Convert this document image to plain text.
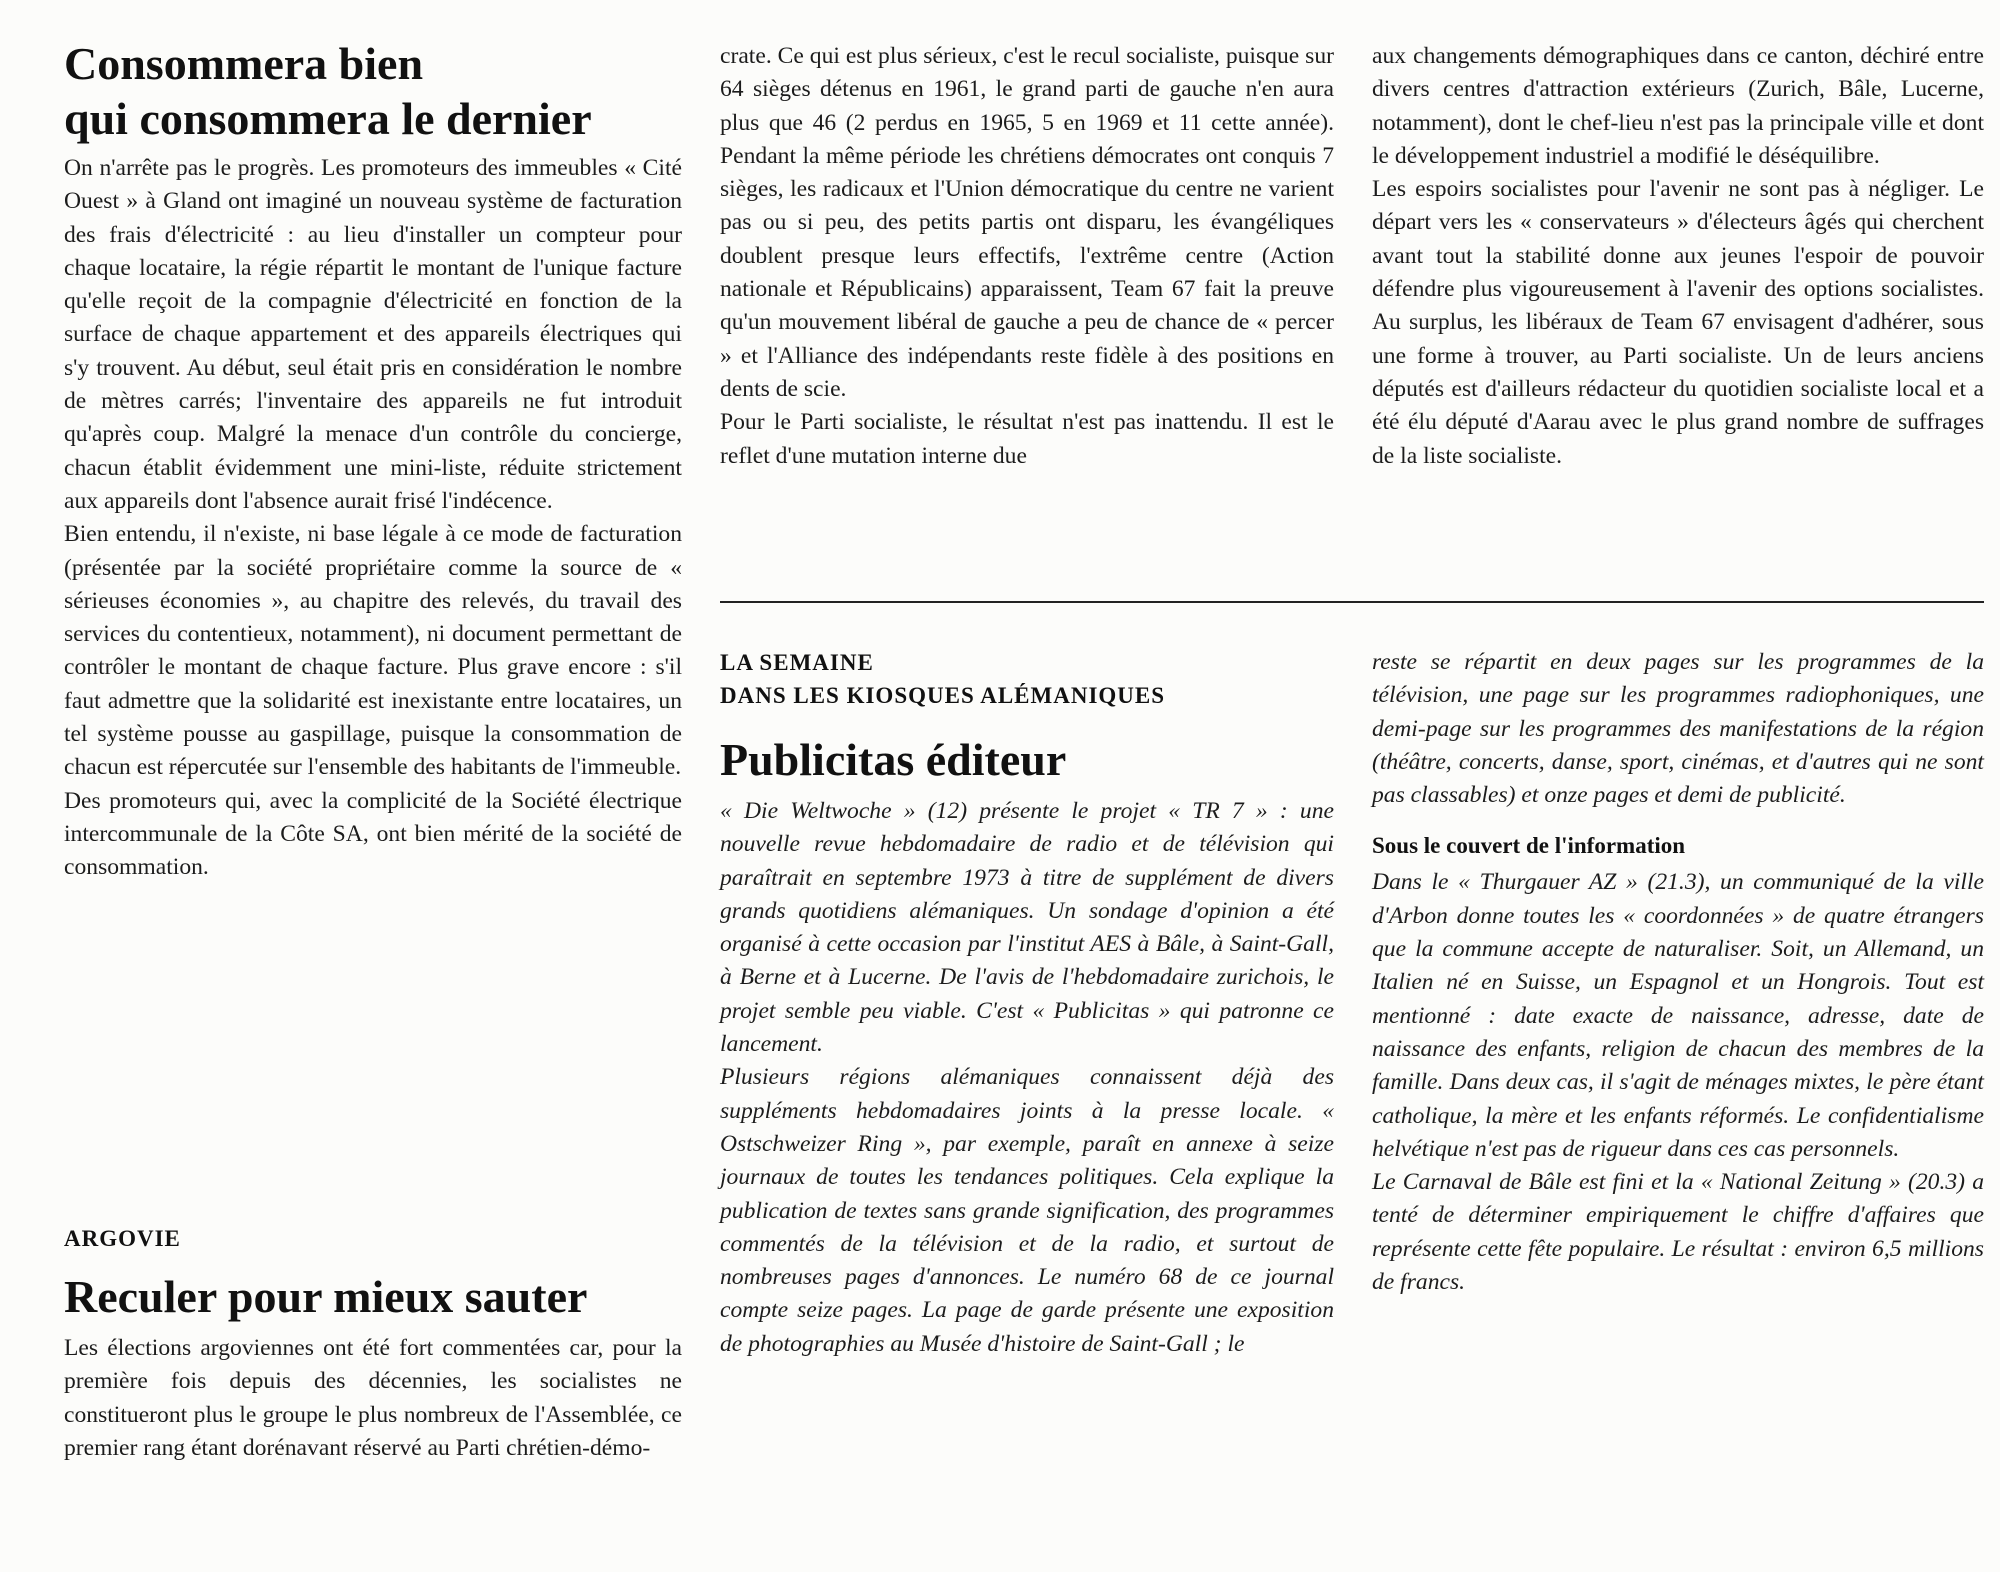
Consommera bien
qui consommera le dernier

On n'arrête pas le progrès. Les promoteurs des immeubles « Cité Ouest » à Gland ont imaginé un nouveau système de facturation des frais d'électricité : au lieu d'installer un compteur pour chaque locataire, la régie répartit le montant de l'unique facture qu'elle reçoit de la compagnie d'électricité en fonction de la surface de chaque appartement et des appareils électriques qui s'y trouvent. Au début, seul était pris en considération le nombre de mètres carrés; l'inventaire des appareils ne fut introduit qu'après coup. Malgré la menace d'un contrôle du concierge, chacun établit évidemment une mini-liste, réduite strictement aux appareils dont l'absence aurait frisé l'indécence.

Bien entendu, il n'existe, ni base légale à ce mode de facturation (présentée par la société propriétaire comme la source de « sérieuses économies », au chapitre des relevés, du travail des services du contentieux, notamment), ni document permettant de contrôler le montant de chaque facture. Plus grave encore : s'il faut admettre que la solidarité est inexistante entre locataires, un tel système pousse au gaspillage, puisque la consommation de chacun est répercutée sur l'ensemble des habitants de l'immeuble.

Des promoteurs qui, avec la complicité de la Société électrique intercommunale de la Côte SA, ont bien mérité de la société de consommation.

ARGOVIE
Reculer pour mieux sauter

Les élections argoviennes ont été fort commentées car, pour la première fois depuis des décennies, les socialistes ne constitueront plus le groupe le plus nombreux de l'Assemblée, ce premier rang étant dorénavant réservé au Parti chrétien-démo-

crate. Ce qui est plus sérieux, c'est le recul socialiste, puisque sur 64 sièges détenus en 1961, le grand parti de gauche n'en aura plus que 46 (2 perdus en 1965, 5 en 1969 et 11 cette année). Pendant la même période les chrétiens démocrates ont conquis 7 sièges, les radicaux et l'Union démocratique du centre ne varient pas ou si peu, des petits partis ont disparu, les évangéliques doublent presque leurs effectifs, l'extrême centre (Action nationale et Républicains) apparaissent, Team 67 fait la preuve qu'un mouvement libéral de gauche a peu de chance de « percer » et l'Alliance des indépendants reste fidèle à des positions en dents de scie.

Pour le Parti socialiste, le résultat n'est pas inattendu. Il est le reflet d'une mutation interne due

aux changements démographiques dans ce canton, déchiré entre divers centres d'attraction extérieurs (Zurich, Bâle, Lucerne, notamment), dont le chef-lieu n'est pas la principale ville et dont le développement industriel a modifié le déséquilibre.

Les espoirs socialistes pour l'avenir ne sont pas à négliger. Le départ vers les « conservateurs » d'électeurs âgés qui cherchent avant tout la stabilité donne aux jeunes l'espoir de pouvoir défendre plus vigoureusement à l'avenir des options socialistes. Au surplus, les libéraux de Team 67 envisagent d'adhérer, sous une forme à trouver, au Parti socialiste. Un de leurs anciens députés est d'ailleurs rédacteur du quotidien socialiste local et a été élu député d'Aarau avec le plus grand nombre de suffrages de la liste socialiste.

LA SEMAINE
DANS LES KIOSQUES ALÉMANIQUES
Publicitas éditeur

« Die Weltwoche » (12) présente le projet « TR 7 » : une nouvelle revue hebdomadaire de radio et de télévision qui paraîtrait en septembre 1973 à titre de supplément de divers grands quotidiens alémaniques. Un sondage d'opinion a été organisé à cette occasion par l'institut AES à Bâle, à Saint-Gall, à Berne et à Lucerne. De l'avis de l'hebdomadaire zurichois, le projet semble peu viable. C'est « Publicitas » qui patronne ce lancement.

Plusieurs régions alémaniques connaissent déjà des suppléments hebdomadaires joints à la presse locale. « Ostschweizer Ring », par exemple, paraît en annexe à seize journaux de toutes les tendances politiques. Cela explique la publication de textes sans grande signification, des programmes commentés de la télévision et de la radio, et surtout de nombreuses pages d'annonces. Le numéro 68 de ce journal compte seize pages. La page de garde présente une exposition de photographies au Musée d'histoire de Saint-Gall ; le

reste se répartit en deux pages sur les programmes de la télévision, une page sur les programmes radiophoniques, une demi-page sur les programmes des manifestations de la région (théâtre, concerts, danse, sport, cinémas, et d'autres qui ne sont pas classables) et onze pages et demi de publicité.

Sous le couvert de l'information

Dans le « Thurgauer AZ » (21.3), un communiqué de la ville d'Arbon donne toutes les « coordonnées » de quatre étrangers que la commune accepte de naturaliser. Soit, un Allemand, un Italien né en Suisse, un Espagnol et un Hongrois. Tout est mentionné : date exacte de naissance, adresse, date de naissance des enfants, religion de chacun des membres de la famille. Dans deux cas, il s'agit de ménages mixtes, le père étant catholique, la mère et les enfants réformés. Le confidentialisme helvétique n'est pas de rigueur dans ces cas personnels.

Le Carnaval de Bâle est fini et la « National Zeitung » (20.3) a tenté de déterminer empiriquement le chiffre d'affaires que représente cette fête populaire. Le résultat : environ 6,5 millions de francs.
